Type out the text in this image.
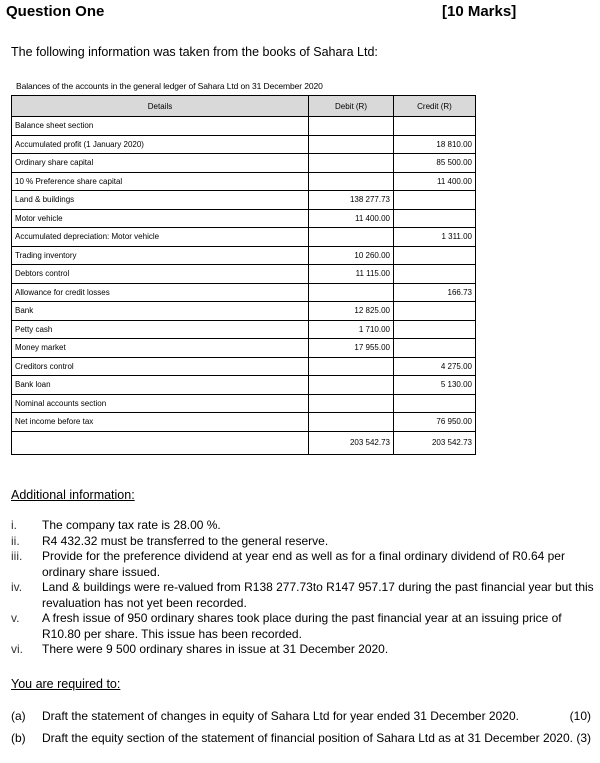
Question One	[10 Marks]
The following information was taken from the books of Sahara Ltd:
Balances of the accounts in the general ledger of Sahara Ltd on 31 December 2020
Details	Debit (R)	Credit (R)
Balance sheet section		
Accumulated profit (1 January 2020)		18 810.00
Ordinary share capital		85 500.00
10 % Preference share capital		11 400.00
Land & buildings	138 277.73	
Motor vehicle	11 400.00	
Accumulated depreciation: Motor vehicle		1 311.00
Trading inventory	10 260.00	
Debtors control	11 115.00	
Allowance for credit losses		166.73
Bank	12 825.00	
Petty cash	1 710.00	
Money market	17 955.00	
Creditors control		4 275.00
Bank loan		5 130.00
Nominal accounts section		
Net income before tax		76 950.00
	203 542.73	203 542.73
Additional information:
i.	The company tax rate is 28.00 %.
ii.	R4 432.32 must be transferred to the general reserve.
iii.	Provide for the preference dividend at year end as well as for a final ordinary dividend of R0.64 per ordinary share issued.
iv.	Land & buildings were re-valued from R138 277.73to R147 957.17 during the past financial year but this revaluation has not yet been recorded.
v.	A fresh issue of 950 ordinary shares took place during the past financial year at an issuing price of R10.80 per share. This issue has been recorded.
vi.	There were 9 500 ordinary shares in issue at 31 December 2020.
You are required to:
(a)	Draft the statement of changes in equity of Sahara Ltd for year ended 31 December 2020.	(10)
(b)	Draft the equity section of the statement of financial position of Sahara Ltd as at 31 December 2020. (3)
